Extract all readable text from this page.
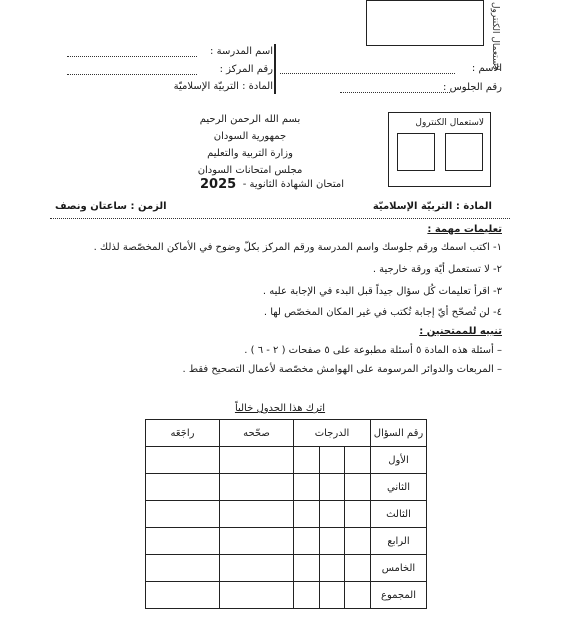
لاستعمال الكنترول
اسم المدرسة :
رقم المركز :
المادة : التربيّة الإسلاميّة
الاسم :
رقم الجلوس :
لاستعمال الكنترول
بسم الله الرحمن الرحيم
جمهورية السودان
وزارة التربية والتعليم
مجلس امتحانات السودان
2025 امتحان الشهادة الثانوية -
المادة : التربيّة الإسلاميّة
الزمن : ساعتان ونصف
تعليمات مهمة :
١- اكتب اسمك ورقم جلوسك واسم المدرسة ورقم المركز بكلّ وضوح في الأماكن المخصّصة لذلك .
٢- لا تستعمل أيّة ورقة خارجية .
٣- اقرأ تعليمات كُل سؤال جيداً قبل البدء في الإجابة عليه .
٤- لن تُصحّح أيّ إجابة تُكتب في غير المكان المخصّص لها .
تنبيه للممتحنين :
– أسئلة هذه المادة ٥ أسئلة مطبوعة على ٥ صفحات ( ٢ - ٦ ) .
– المربعات والدوائر المرسومة على الهوامش مخصّصة لأعمال التصحيح فقط .
اترك هذا الجدول خالياً
رقم السؤال	الدرجات			صحّحه	راجَعَه
الأول					
الثاني					
الثالث					
الرابع					
الخامس					
المجموع					
